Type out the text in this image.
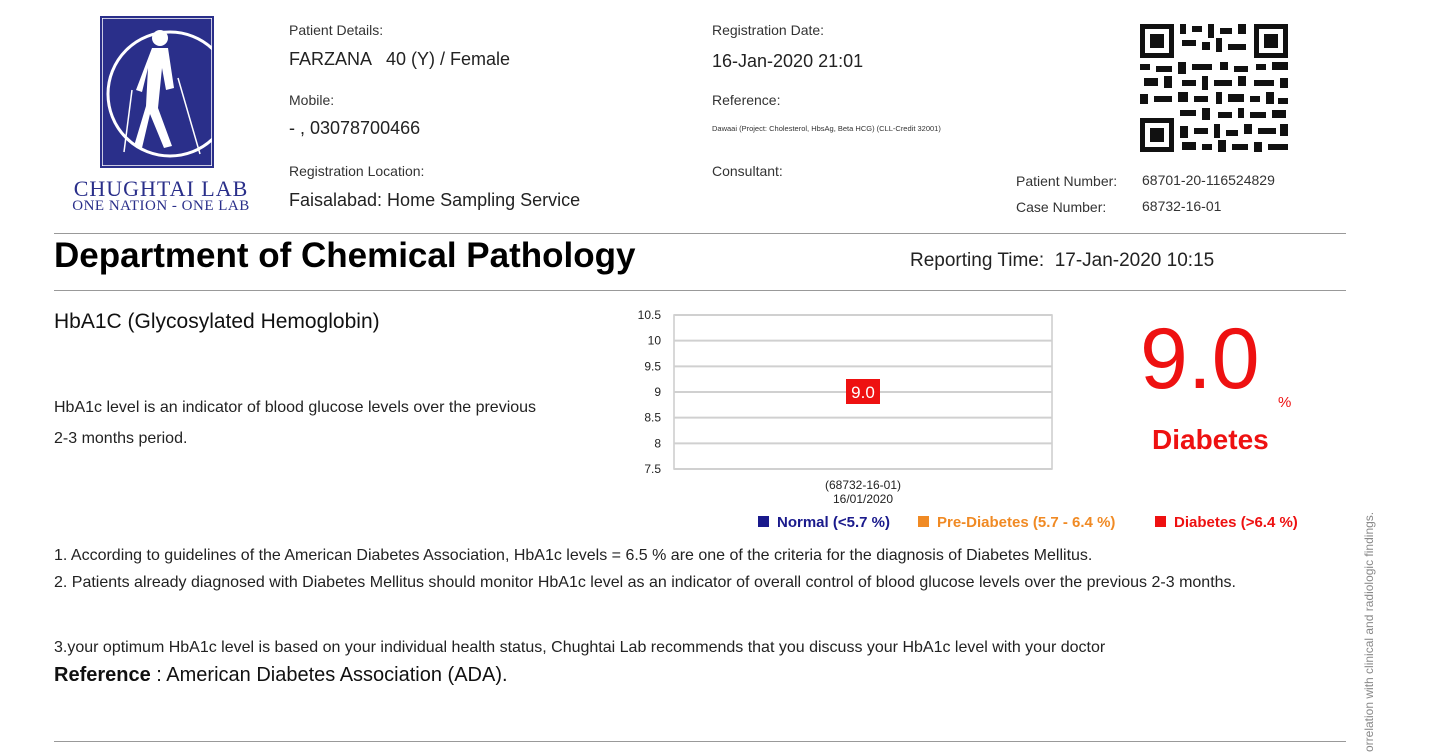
CHUGHTAI LAB
ONE NATION - ONE LAB
Patient Details:
FARZANA   40 (Y) / Female
Mobile:
- , 03078700466
Registration Location:
Faisalabad: Home Sampling Service
Registration Date:
16-Jan-2020 21:01
Reference:
Dawaai (Project: Cholesterol, HbsAg, Beta HCG) (CLL-Credit 32001)
Consultant:
Patient Number: 68701-20-116524829
Case Number:	68732-16-01
Department of Chemical Pathology	Reporting Time: 17-Jan-2020 10:15
HbA1C (Glycosylated Hemoglobin)
HbA1c level is an indicator of blood glucose levels over the previous 2-3 months period.
10.5
10
9.5
9
8.5
8
7.5
9.0
(68732-16-01)
16/01/2020
9.0 %
Diabetes
Normal (<5.7 %)	Pre-Diabetes (5.7 - 6.4 %)	Diabetes (>6.4 %)
1. According to guidelines of the American Diabetes Association, HbA1c levels = 6.5 % are one of the criteria for the diagnosis of Diabetes Mellitus.
2. Patients already diagnosed with Diabetes Mellitus should monitor HbA1c level as an indicator of overall control of blood glucose levels over the previous 2-3 months.
3.your optimum HbA1c level is based on your individual health status, Chughtai Lab recommends that you discuss your HbA1c level with your doctor
Reference : American Diabetes Association (ADA).	orrelation with clinical and radiologic findings.
